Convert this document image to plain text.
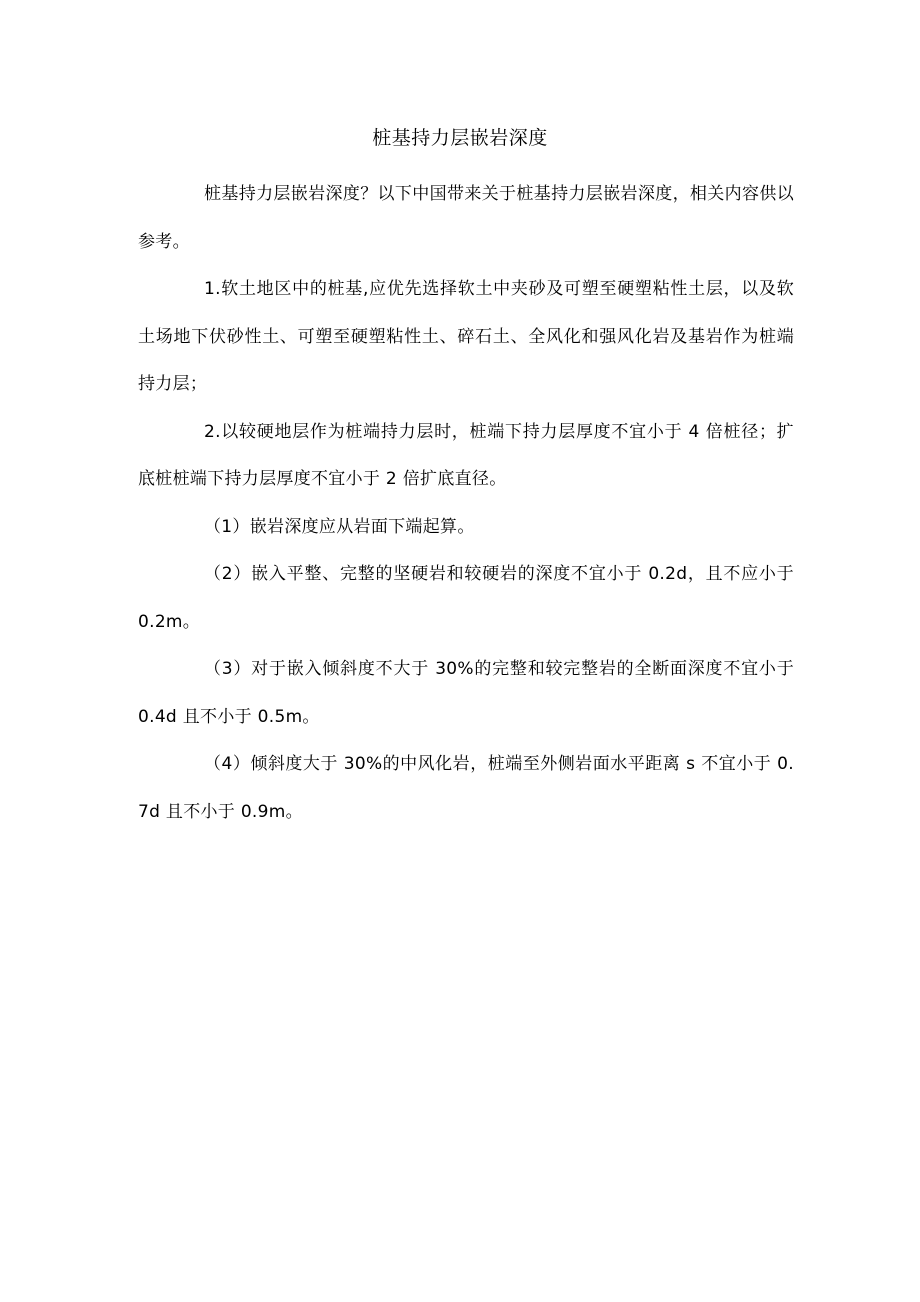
桩基持力层嵌岩深度

桩基持力层嵌岩深度？以下中国带来关于桩基持力层嵌岩深度，相关内容供以参考。

1.软土地区中的桩基,应优先选择软土中夹砂及可塑至硬塑粘性土层，以及软土场地下伏砂性土、可塑至硬塑粘性土、碎石土、全风化和强风化岩及基岩作为桩端持力层；

2.以较硬地层作为桩端持力层时，桩端下持力层厚度不宜小于 4 倍桩径；扩底桩桩端下持力层厚度不宜小于 2 倍扩底直径。

（1）嵌岩深度应从岩面下端起算。

（2）嵌入平整、完整的坚硬岩和较硬岩的深度不宜小于 0.2d，且不应小于 0.2m。

（3）对于嵌入倾斜度不大于 30%的完整和较完整岩的全断面深度不宜小于 0.4d 且不小于 0.5m。

（4）倾斜度大于 30%的中风化岩，桩端至外侧岩面水平距离 s 不宜小于 0.7d 且不小于 0.9m。
